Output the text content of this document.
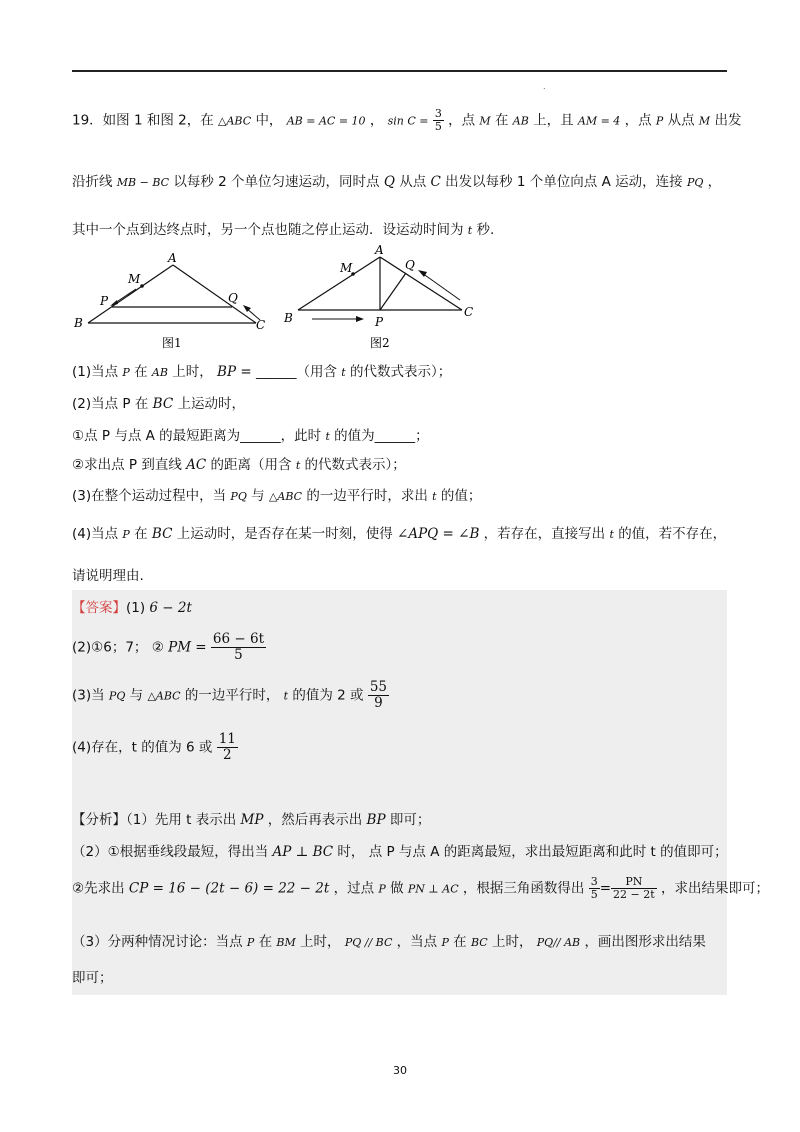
.
19．如图 1 和图 2，在 △ABC 中， AB = AC = 10 ， $\sin C = \frac{3}{5}$ ，点 M 在 AB 上，且 AM = 4 ，点 P 从点 M 出发
沿折线 MB − BC 以每秒 2 个单位匀速运动，同时点 Q 从点 C 出发以每秒 1 个单位向点 A 运动，连接 PQ ，
其中一个点到达终点时，另一个点也随之停止运动．设运动时间为 t 秒.
A
M
P	Q
B	C
图1
A
M	Q
B	P
C
图2
(1)当点 P 在 AB 上时， BP = ______（用含 t 的代数式表示）；
(2)当点 P 在 BC 上运动时，
①点 P 与点 A 的最短距离为______，此时 t 的值为______；
②求出点 P 到直线 AC 的距离（用含 t 的代数式表示）；
(3)在整个运动过程中，当 PQ 与 △ABC 的一边平行时，求出 t 的值；
(4)当点 P 在 BC 上运动时，是否存在某一时刻，使得 ∠APQ = ∠B ，若存在，直接写出 t 的值，若不存在，
请说明理由.
【答案】(1) 6 − 2t
(2)①6；7； ② PM = $\frac{66 - 6t}{5}$
(3)当 PQ 与 △ABC 的一边平行时， t 的值为 2 或 $\frac{55}{9}$
(4)存在，t 的值为 6 或 $\frac{11}{2}$
【分析】（1）先用 t 表示出 MP ，然后再表示出 BP 即可；
（2）①根据垂线段最短，得出当 AP ⊥ BC 时， 点 P 与点 A 的距离最短，求出最短距离和此时 t 的值即可；
②先求出 CP = 16 − (2t − 6) = 22 − 2t ，过点 P 做 PN ⊥ AC ，根据三角函数得出 $\frac{3}{5} = \frac{PN}{22 - 2t}$ ，求出结果即可；
（3）分两种情况讨论：当点 P 在 BM 上时， PQ // BC ，当点 P 在 BC 上时， PQ// AB ，画出图形求出结果
即可；
30
